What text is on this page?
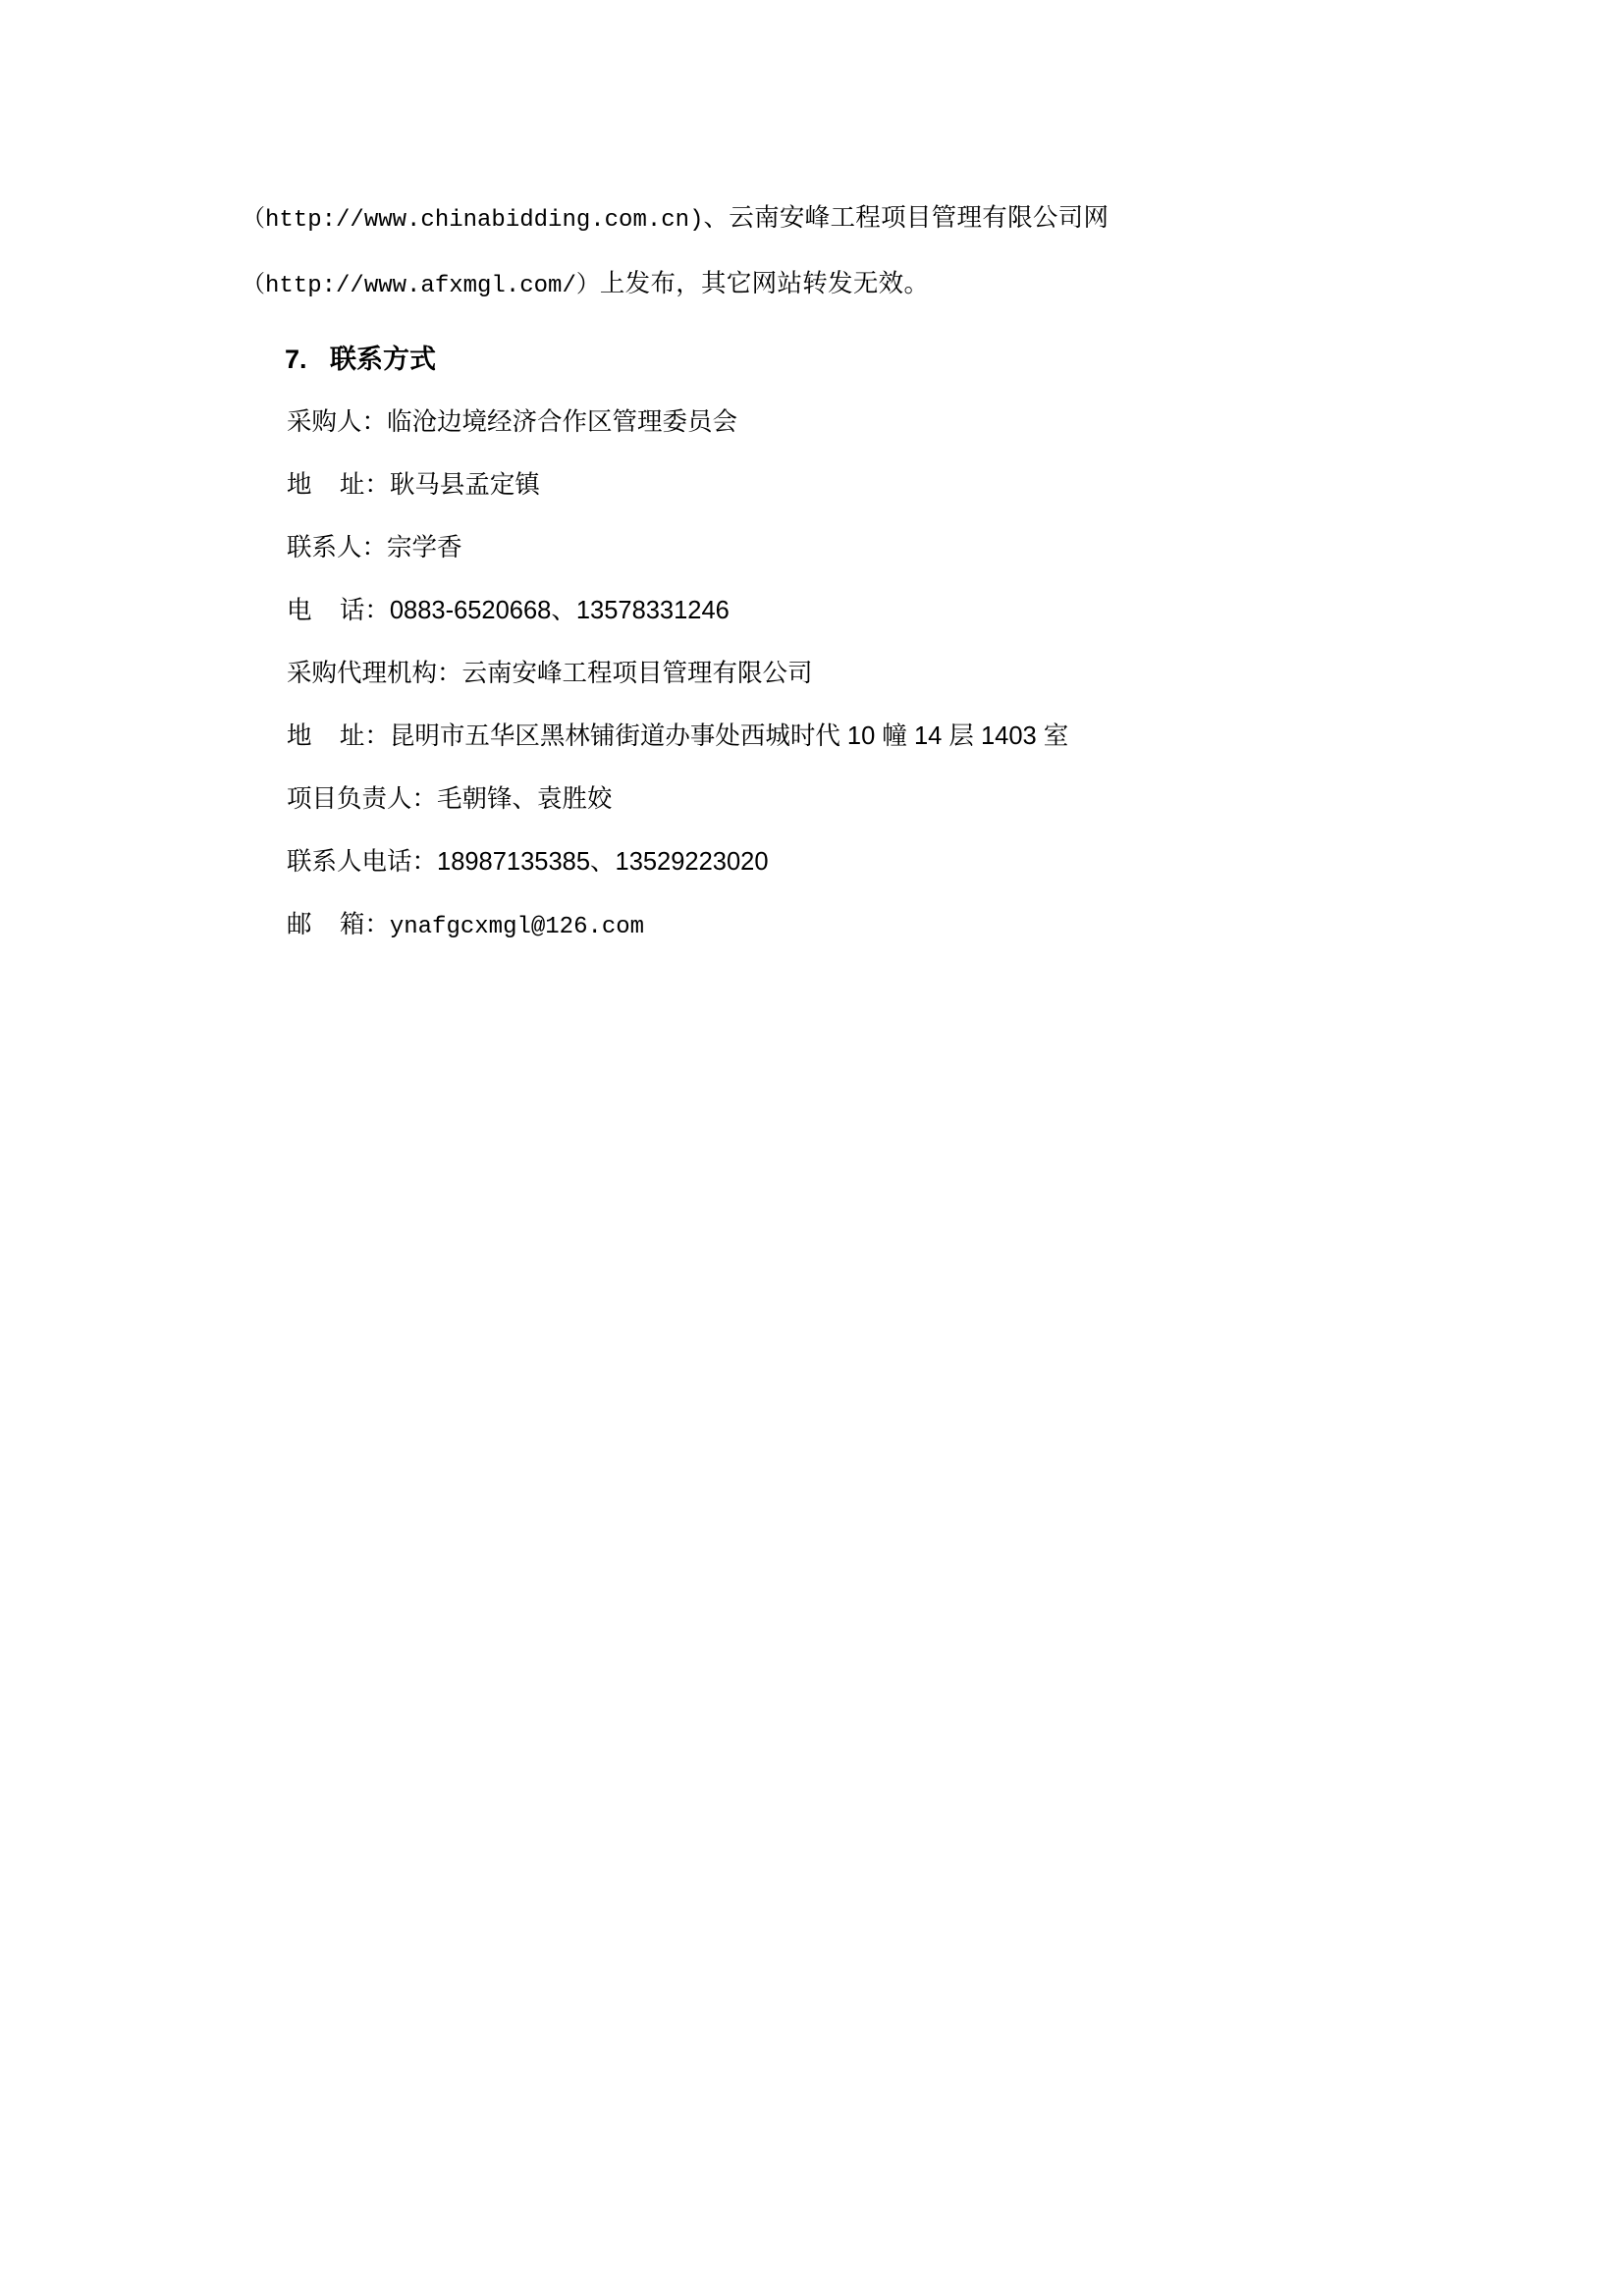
（http://www.chinabidding.com.cn)、云南安峰工程项目管理有限公司网
（http://www.afxmgl.com/）上发布，其它网站转发无效。
7. 联系方式
采购人：临沧边境经济合作区管理委员会
地    址：耿马县孟定镇
联系人：宗学香
电    话：0883-6520668、13578331246
采购代理机构：云南安峰工程项目管理有限公司
地    址：昆明市五华区黑林铺街道办事处西城时代 10 幢 14 层 1403 室
项目负责人：毛朝锋、袁胜姣
联系人电话：18987135385、13529223020
邮    箱：ynafgcxmgl@126.com
